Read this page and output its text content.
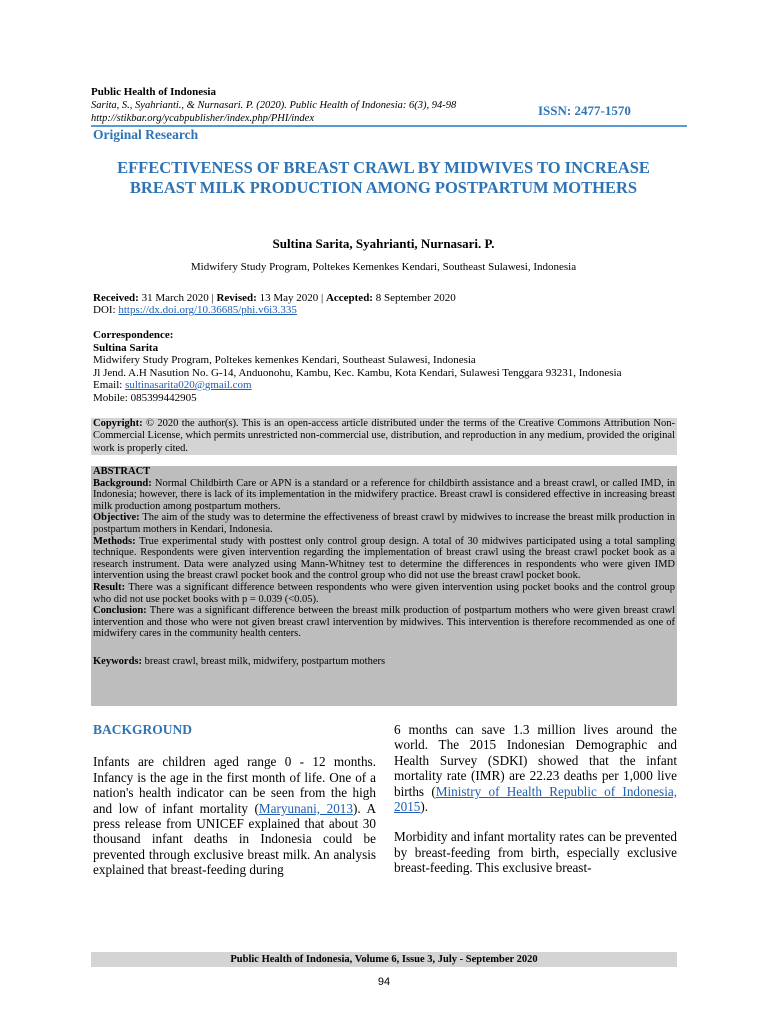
Public Health of Indonesia
Sarita, S., Syahrianti., & Nurnasari. P. (2020). Public Health of Indonesia: 6(3), 94-98
http://stikbar.org/ycabpublisher/index.php/PHI/index
ISSN: 2477-1570
Original Research
EFFECTIVENESS OF BREAST CRAWL BY MIDWIVES TO INCREASE BREAST MILK PRODUCTION AMONG POSTPARTUM MOTHERS
Sultina Sarita, Syahrianti, Nurnasari. P.
Midwifery Study Program, Poltekes Kemenkes Kendari, Southeast Sulawesi, Indonesia
Received: 31 March 2020 | Revised: 13 May 2020 | Accepted: 8 September 2020
DOI: https://dx.doi.org/10.36685/phi.v6i3.335
Correspondence:
Sultina Sarita
Midwifery Study Program, Poltekes kemenkes Kendari, Southeast Sulawesi, Indonesia
Jl Jend. A.H Nasution No. G-14, Anduonohu, Kambu, Kec. Kambu, Kota Kendari, Sulawesi Tenggara 93231, Indonesia
Email: sultinasarita020@gmail.com
Mobile: 085399442905
Copyright: © 2020 the author(s). This is an open-access article distributed under the terms of the Creative Commons Attribution Non-Commercial License, which permits unrestricted non-commercial use, distribution, and reproduction in any medium, provided the original work is properly cited.

ABSTRACT

Background: Normal Childbirth Care or APN is a standard or a reference for childbirth assistance and a breast crawl, or called IMD, in Indonesia; however, there is lack of its implementation in the midwifery practice. Breast crawl is considered effective in increasing breast milk production among postpartum mothers.

Objective: The aim of the study was to determine the effectiveness of breast crawl by midwives to increase the breast milk production in postpartum mothers in Kendari, Indonesia.

Methods: True experimental study with posttest only control group design. A total of 30 midwives participated using a total sampling technique. Respondents were given intervention regarding the implementation of breast crawl using the breast crawl pocket book as a research instrument. Data were analyzed using Mann-Whitney test to determine the differences in respondents who were given IMD intervention using the breast crawl pocket book and the control group who did not use the breast crawl pocket book.

Result: There was a significant difference between respondents who were given intervention using pocket books and the control group who did not use pocket books with p = 0.039 (<0.05).

Conclusion: There was a significant difference between the breast milk production of postpartum mothers who were given breast crawl intervention and those who were not given breast crawl intervention by midwives. This intervention is therefore recommended as one of midwifery cares in the community health centers.

Keywords: breast crawl, breast milk, midwifery, postpartum mothers

BACKGROUND

Infants are children aged range 0 - 12 months. Infancy is the age in the first month of life. One of a nation's health indicator can be seen from the high and low of infant mortality (Maryunani, 2013). A press release from UNICEF explained that about 30 thousand infant deaths in Indonesia could be prevented through exclusive breast milk. An analysis explained that breast-feeding during

6 months can save 1.3 million lives around the world. The 2015 Indonesian Demographic and Health Survey (SDKI) showed that the infant mortality rate (IMR) are 22.23 deaths per 1,000 live births (Ministry of Health Republic of Indonesia, 2015).

Morbidity and infant mortality rates can be prevented by breast-feeding from birth, especially exclusive breast-feeding. This exclusive breast-

Public Health of Indonesia, Volume 6, Issue 3, July - September 2020
94
